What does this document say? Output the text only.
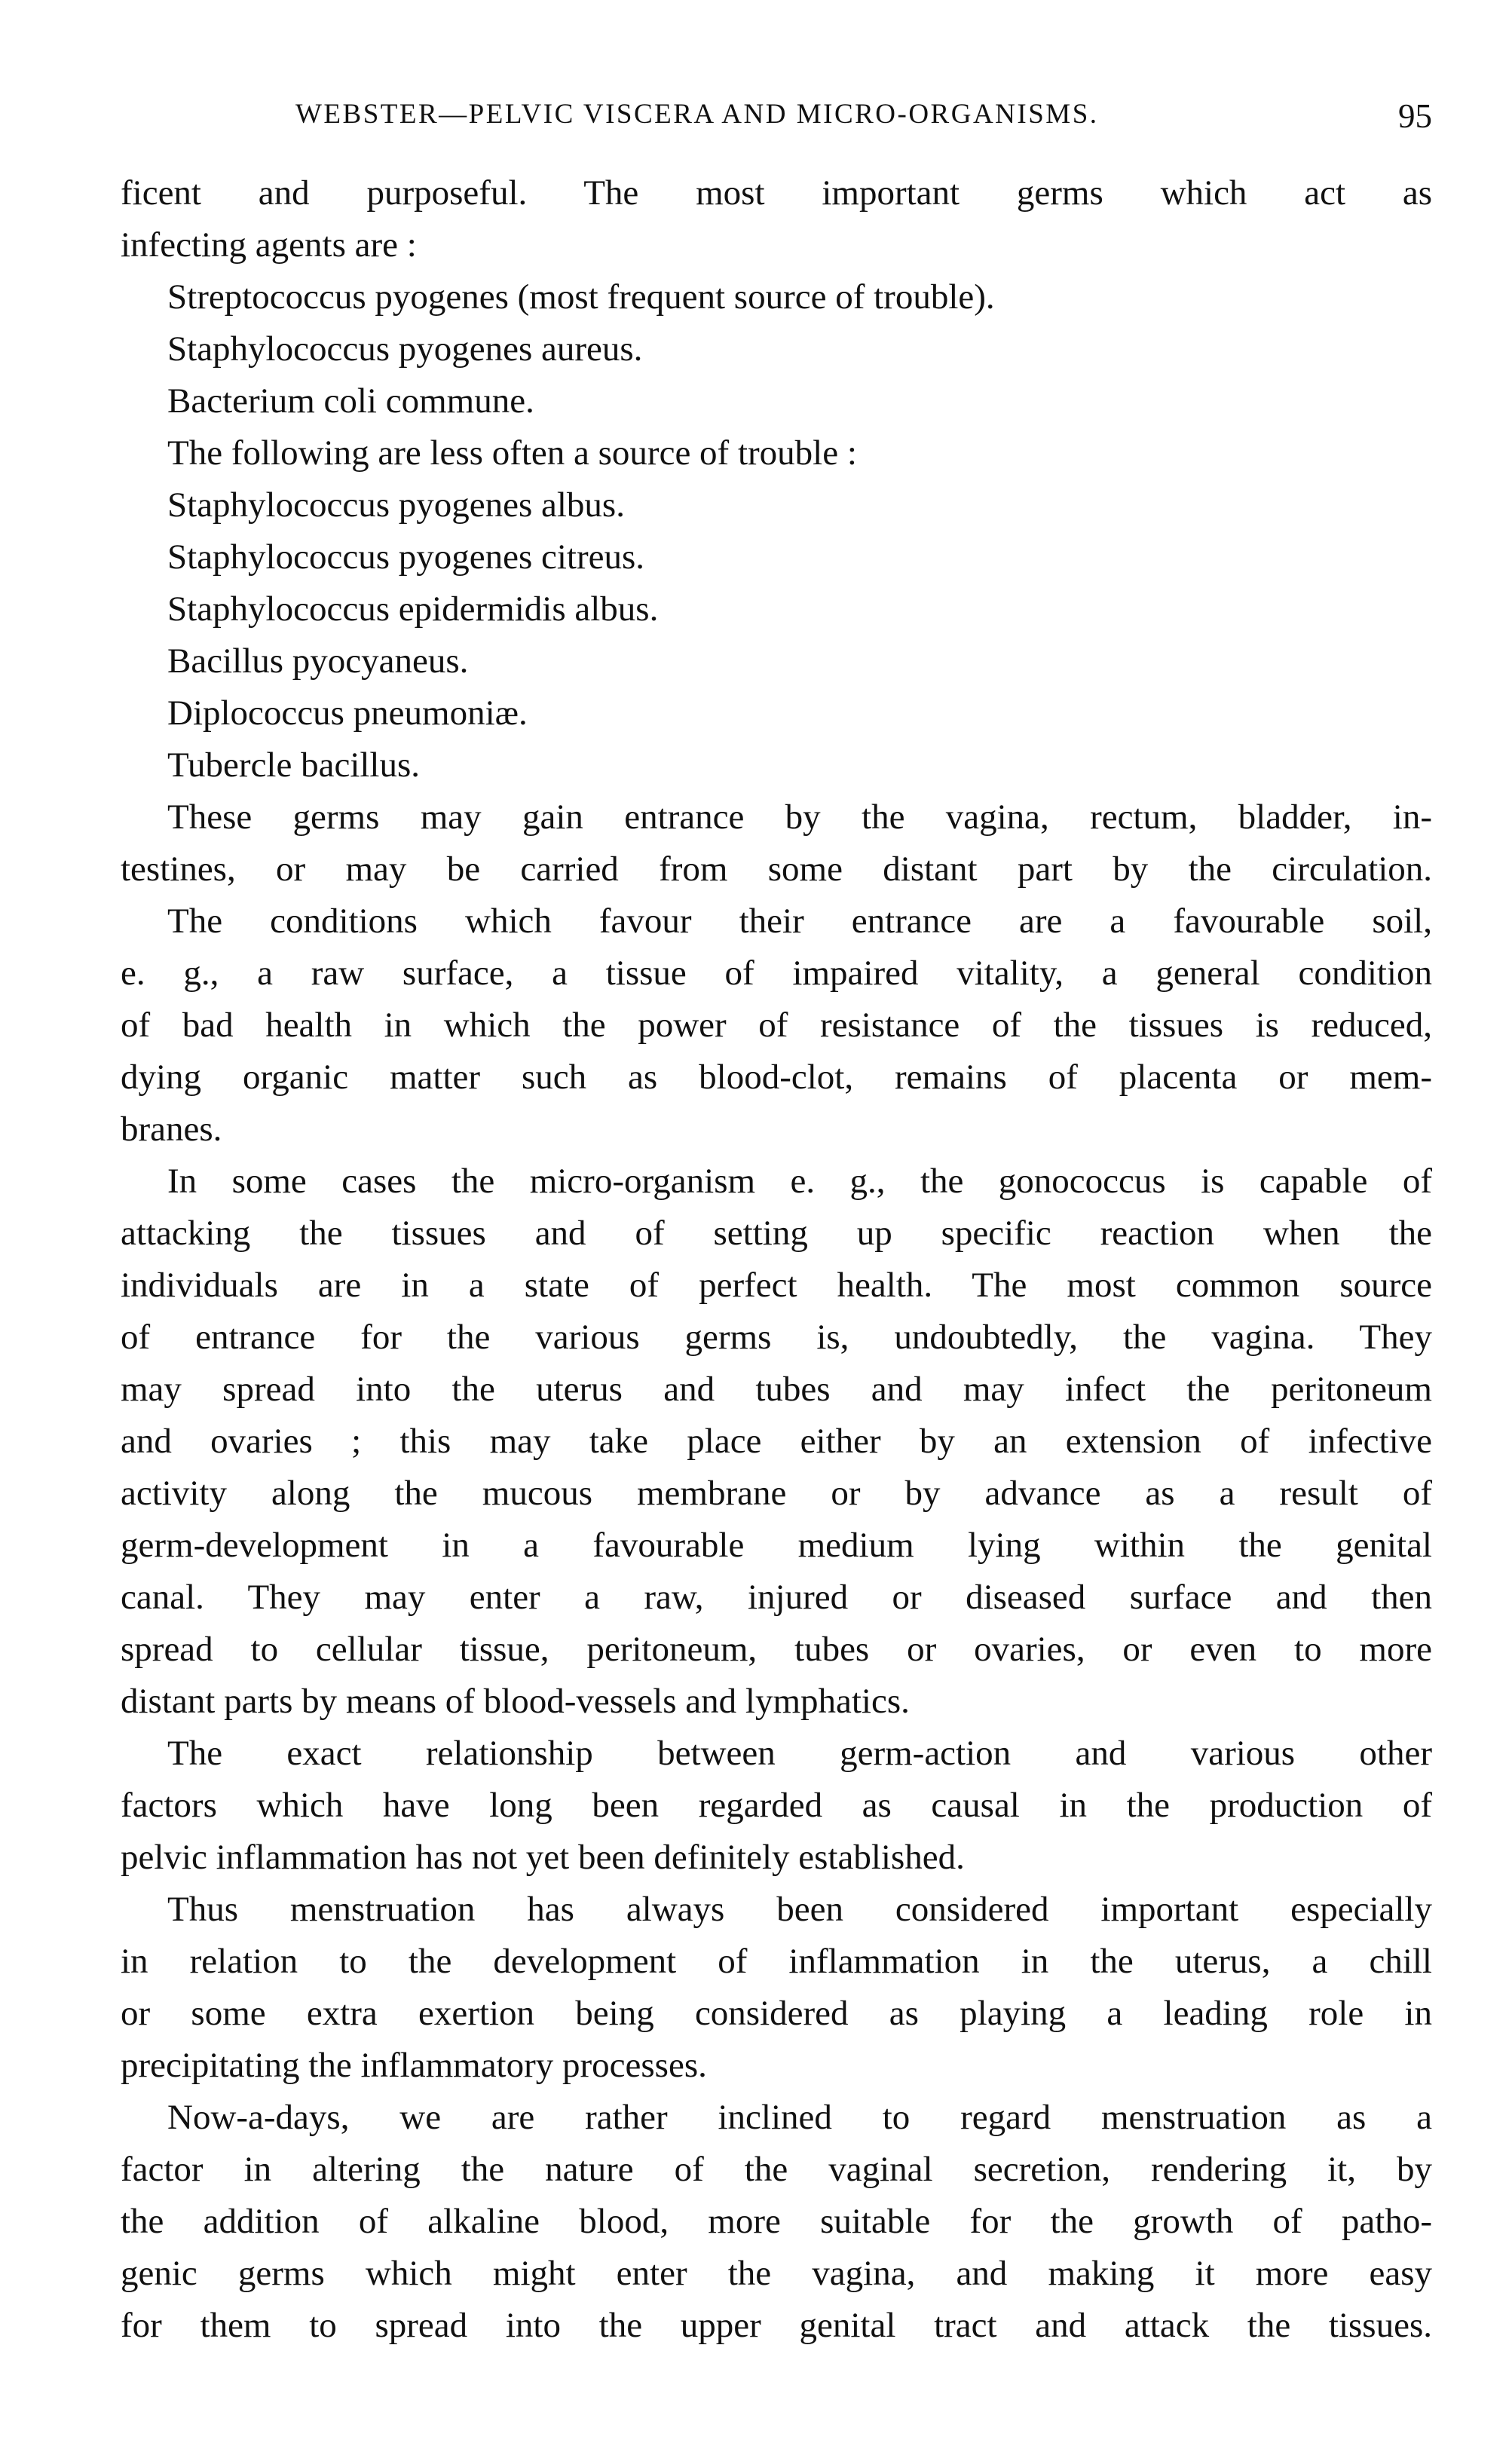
WEBSTER—PELVIC VISCERA AND MICRO-ORGANISMS.	95
ficent and purposeful. The most important germs which act as
infecting agents are :
Streptococcus pyogenes (most frequent source of trouble).
Staphylococcus pyogenes aureus.
Bacterium coli commune.
The following are less often a source of trouble :
Staphylococcus pyogenes albus.
Staphylococcus pyogenes citreus.
Staphylococcus epidermidis albus.
Bacillus pyocyaneus.
Diplococcus pneumoniæ.
Tubercle bacillus.
These germs may gain entrance by the vagina, rectum, bladder, in-
testines, or may be carried from some distant part by the circulation.
The conditions which favour their entrance are a favourable soil,
e. g., a raw surface, a tissue of impaired vitality, a general condition
of bad health in which the power of resistance of the tissues is reduced,
dying organic matter such as blood-clot, remains of placenta or mem-
branes.
In some cases the micro-organism e. g., the gonococcus is capable of
attacking the tissues and of setting up specific reaction when the
individuals are in a state of perfect health. The most common source
of entrance for the various germs is, undoubtedly, the vagina. They
may spread into the uterus and tubes and may infect the peritoneum
and ovaries ; this may take place either by an extension of infective
activity along the mucous membrane or by advance as a result of
germ-development in a favourable medium lying within the genital
canal. They may enter a raw, injured or diseased surface and then
spread to cellular tissue, peritoneum, tubes or ovaries, or even to more
distant parts by means of blood-vessels and lymphatics.
The exact relationship between germ-action and various other
factors which have long been regarded as causal in the production of
pelvic inflammation has not yet been definitely established.
Thus menstruation has always been considered important especially
in relation to the development of inflammation in the uterus, a chill
or some extra exertion being considered as playing a leading role in
precipitating the inflammatory processes.
Now-a-days, we are rather inclined to regard menstruation as a
factor in altering the nature of the vaginal secretion, rendering it, by
the addition of alkaline blood, more suitable for the growth of patho-
genic germs which might enter the vagina, and making it more easy
for them to spread into the upper genital tract and attack the tissues.
